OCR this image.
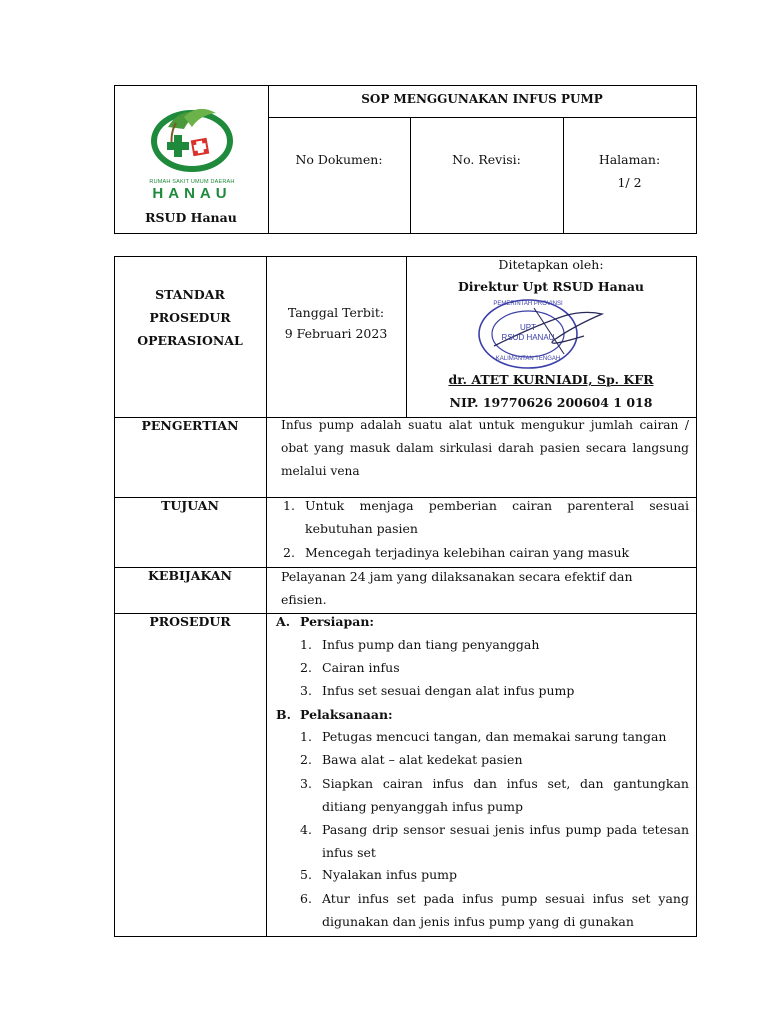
RUMAH SAKIT UMUM DAERAH
HANAU
RSUD Hanau
SOP MENGGUNAKAN INFUS PUMP
No Dokumen:	No. Revisi:	Halaman:
1/ 2
STANDAR
PROSEDUR
OPERASIONAL
Tanggal Terbit:
9 Februari 2023
Ditetapkan oleh:
Direktur Upt RSUD Hanau
PEMERINTAH PROVINSI
UPT
RSUD HANAU
KALIMANTAN TENGAH
dr. ATET KURNIADI, Sp. KFR
NIP. 19770626 200604 1 018
PENGERTIAN	Infus pump adalah suatu alat untuk mengukur jumlah cairan / obat yang masuk dalam sirkulasi darah pasien secara langsung melalui vena
TUJUAN	1. Untuk menjaga pemberian cairan parenteral sesuai kebutuhan pasien
2. Mencegah terjadinya kelebihan cairan yang masuk
KEBIJAKAN	Pelayanan 24 jam yang dilaksanakan secara efektif dan efisien.
PROSEDUR	A. Persiapan:
1. Infus pump dan tiang penyanggah
2. Cairan infus
3. Infus set sesuai dengan alat infus pump
B. Pelaksanaan:
1. Petugas mencuci tangan, dan memakai sarung tangan
2. Bawa alat – alat kedekat pasien
3. Siapkan cairan infus dan infus set, dan gantungkan ditiang penyanggah infus pump
4. Pasang drip sensor sesuai jenis infus pump pada tetesan infus set
5. Nyalakan infus pump
6. Atur infus set pada infus pump sesuai infus set yang digunakan dan jenis infus pump yang di gunakan
